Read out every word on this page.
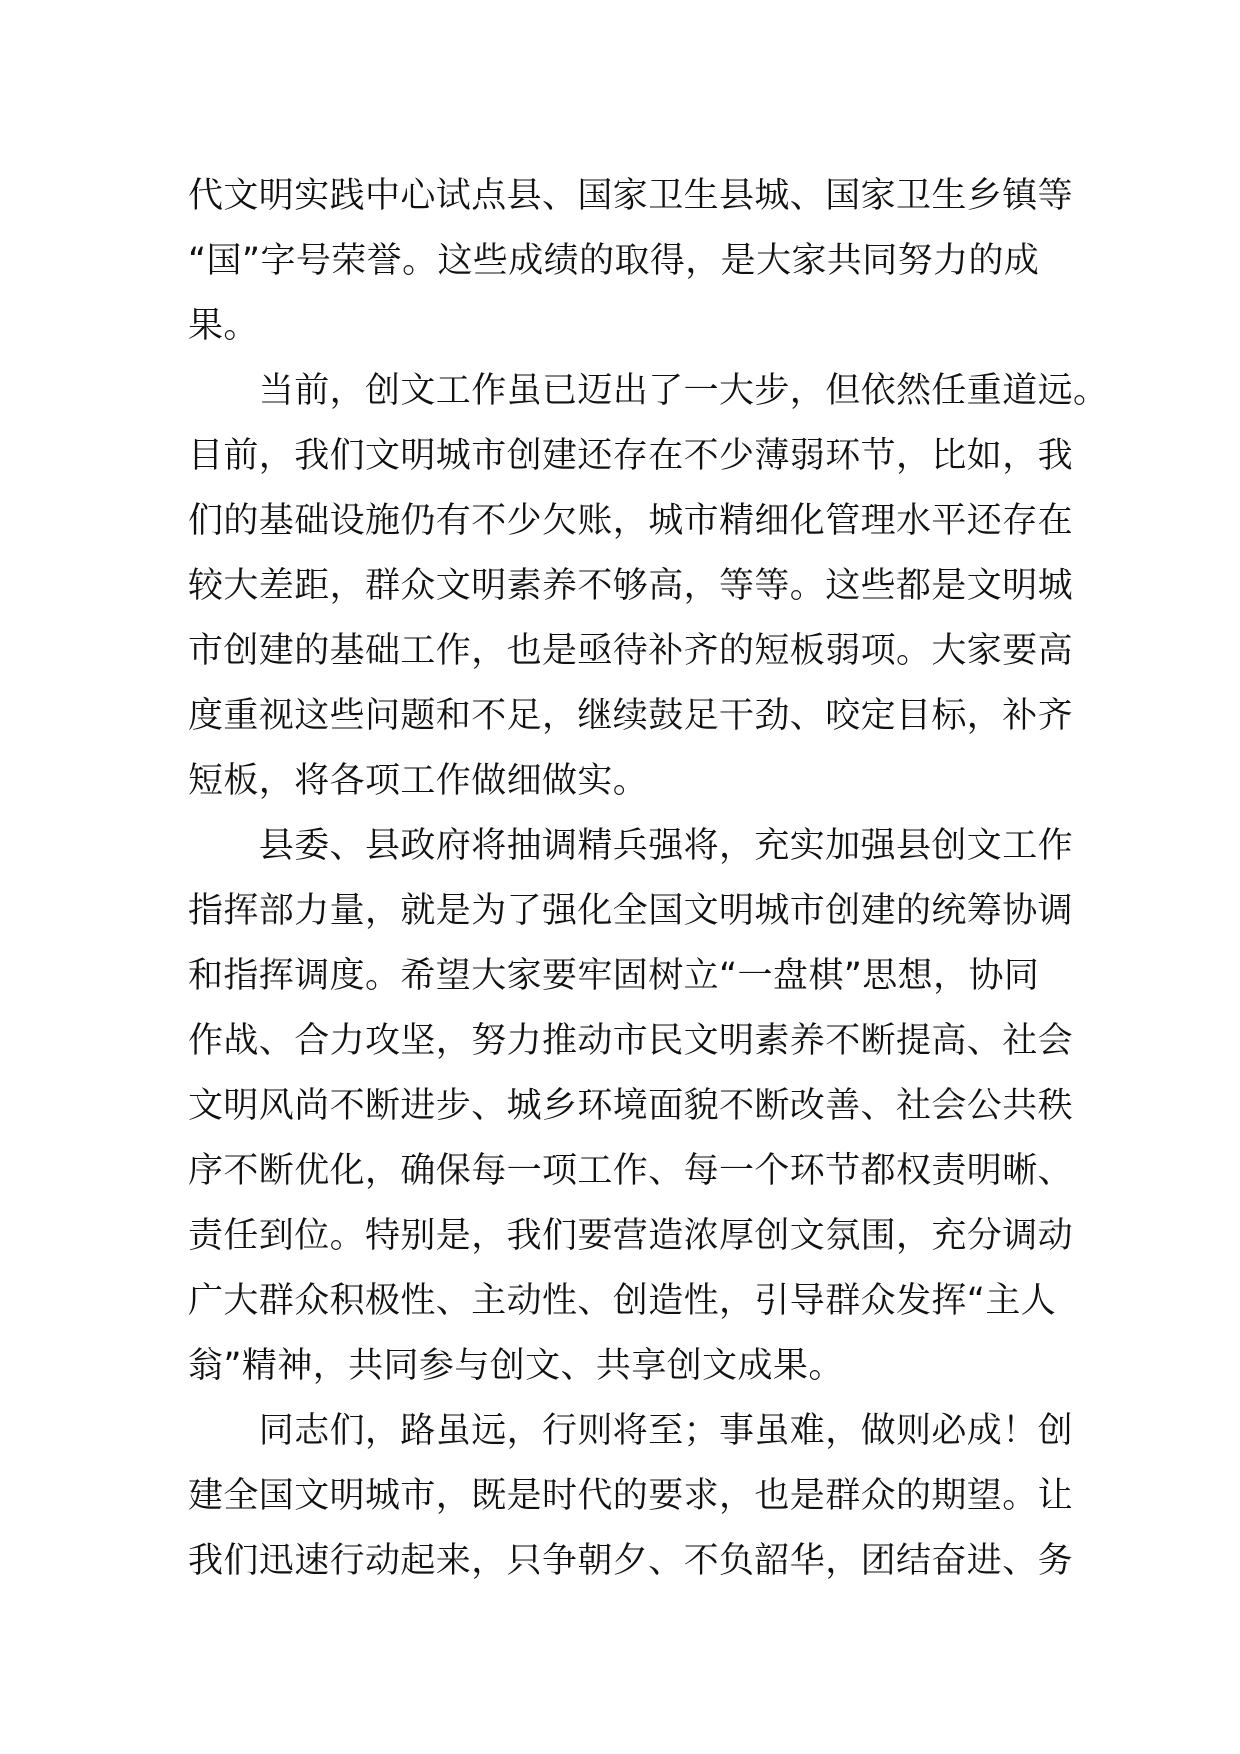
代文明实践中心试点县、国家卫生县城、国家卫生乡镇等
“国”字号荣誉。这些成绩的取得，是大家共同努力的成
果。
　　当前，创文工作虽已迈出了一大步，但依然任重道远。
目前，我们文明城市创建还存在不少薄弱环节，比如，我
们的基础设施仍有不少欠账，城市精细化管理水平还存在
较大差距，群众文明素养不够高，等等。这些都是文明城
市创建的基础工作，也是亟待补齐的短板弱项。大家要高
度重视这些问题和不足，继续鼓足干劲、咬定目标，补齐
短板，将各项工作做细做实。
　　县委、县政府将抽调精兵强将，充实加强县创文工作
指挥部力量，就是为了强化全国文明城市创建的统筹协调
和指挥调度。希望大家要牢固树立“一盘棋”思想，协同
作战、合力攻坚，努力推动市民文明素养不断提高、社会
文明风尚不断进步、城乡环境面貌不断改善、社会公共秩
序不断优化，确保每一项工作、每一个环节都权责明晰、
责任到位。特别是，我们要营造浓厚创文氛围，充分调动
广大群众积极性、主动性、创造性，引导群众发挥“主人
翁”精神，共同参与创文、共享创文成果。
　　同志们，路虽远，行则将至；事虽难，做则必成！创
建全国文明城市，既是时代的要求，也是群众的期望。让
我们迅速行动起来，只争朝夕、不负韶华，团结奋进、务
